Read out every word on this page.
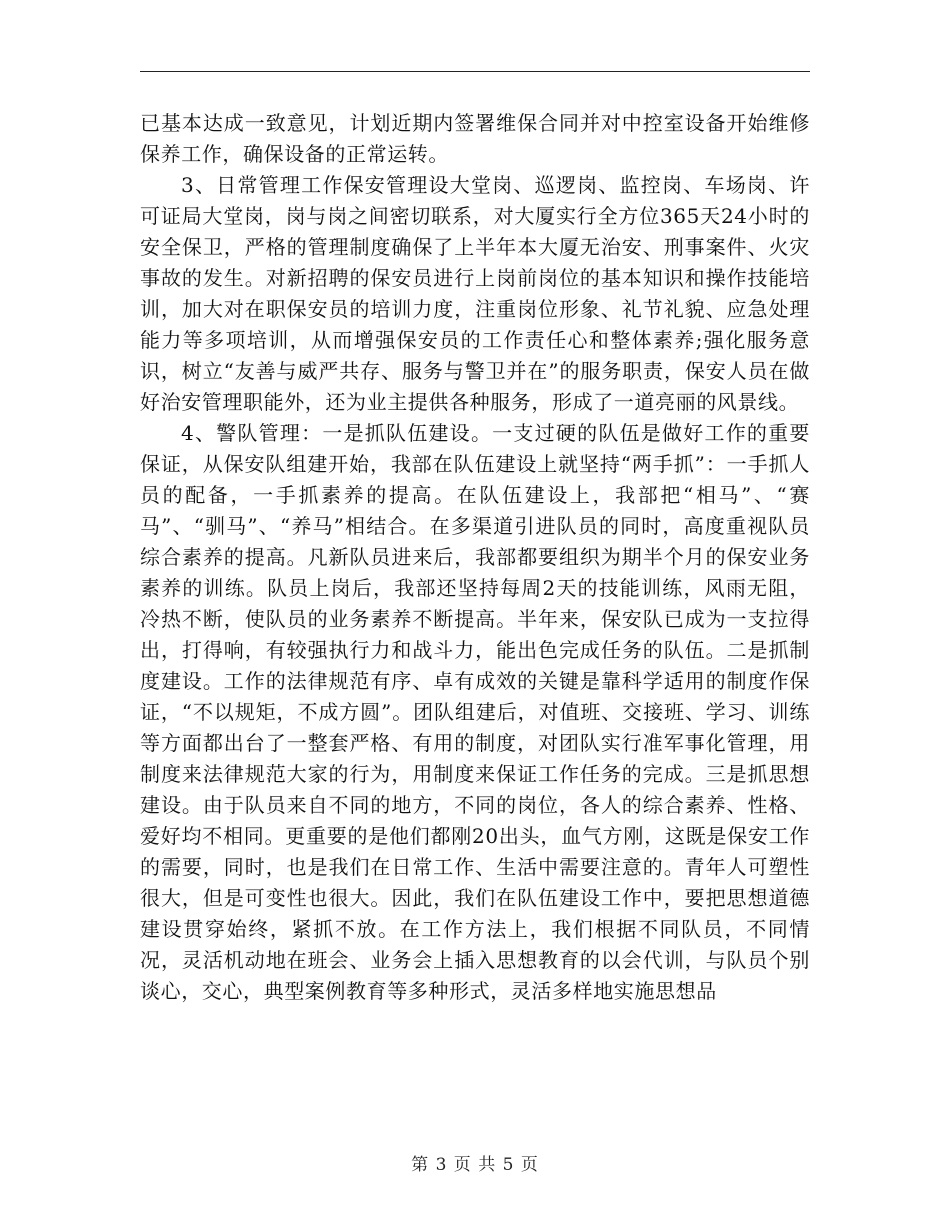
已基本达成一致意见，计划近期内签署维保合同并对中控室设备开始维修保养工作，确保设备的正常运转。

3、日常管理工作保安管理设大堂岗、巡逻岗、监控岗、车场岗、许可证局大堂岗，岗与岗之间密切联系，对大厦实行全方位365天24小时的安全保卫，严格的管理制度确保了上半年本大厦无治安、刑事案件、火灾事故的发生。对新招聘的保安员进行上岗前岗位的基本知识和操作技能培训，加大对在职保安员的培训力度，注重岗位形象、礼节礼貌、应急处理能力等多项培训，从而增强保安员的工作责任心和整体素养;强化服务意识，树立“友善与威严共存、服务与警卫并在”的服务职责，保安人员在做好治安管理职能外，还为业主提供各种服务，形成了一道亮丽的风景线。

4、警队管理：一是抓队伍建设。一支过硬的队伍是做好工作的重要保证，从保安队组建开始，我部在队伍建设上就坚持“两手抓”：一手抓人员的配备，一手抓素养的提高。在队伍建设上，我部把“相马”、“赛马”、“驯马”、“养马”相结合。在多渠道引进队员的同时，高度重视队员综合素养的提高。凡新队员进来后，我部都要组织为期半个月的保安业务素养的训练。队员上岗后，我部还坚持每周2天的技能训练，风雨无阻，冷热不断，使队员的业务素养不断提高。半年来，保安队已成为一支拉得出，打得响，有较强执行力和战斗力，能出色完成任务的队伍。二是抓制度建设。工作的法律规范有序、卓有成效的关键是靠科学适用的制度作保证，“不以规矩，不成方圆”。团队组建后，对值班、交接班、学习、训练等方面都出台了一整套严格、有用的制度，对团队实行准军事化管理，用制度来法律规范大家的行为，用制度来保证工作任务的完成。三是抓思想建设。由于队员来自不同的地方，不同的岗位，各人的综合素养、性格、爱好均不相同。更重要的是他们都刚20出头，血气方刚，这既是保安工作的需要，同时，也是我们在日常工作、生活中需要注意的。青年人可塑性很大，但是可变性也很大。因此，我们在队伍建设工作中，要把思想道德建设贯穿始终，紧抓不放。在工作方法上，我们根据不同队员，不同情况，灵活机动地在班会、业务会上插入思想教育的以会代训，与队员个别谈心，交心，典型案例教育等多种形式，灵活多样地实施思想品

第 3 页 共 5 页
